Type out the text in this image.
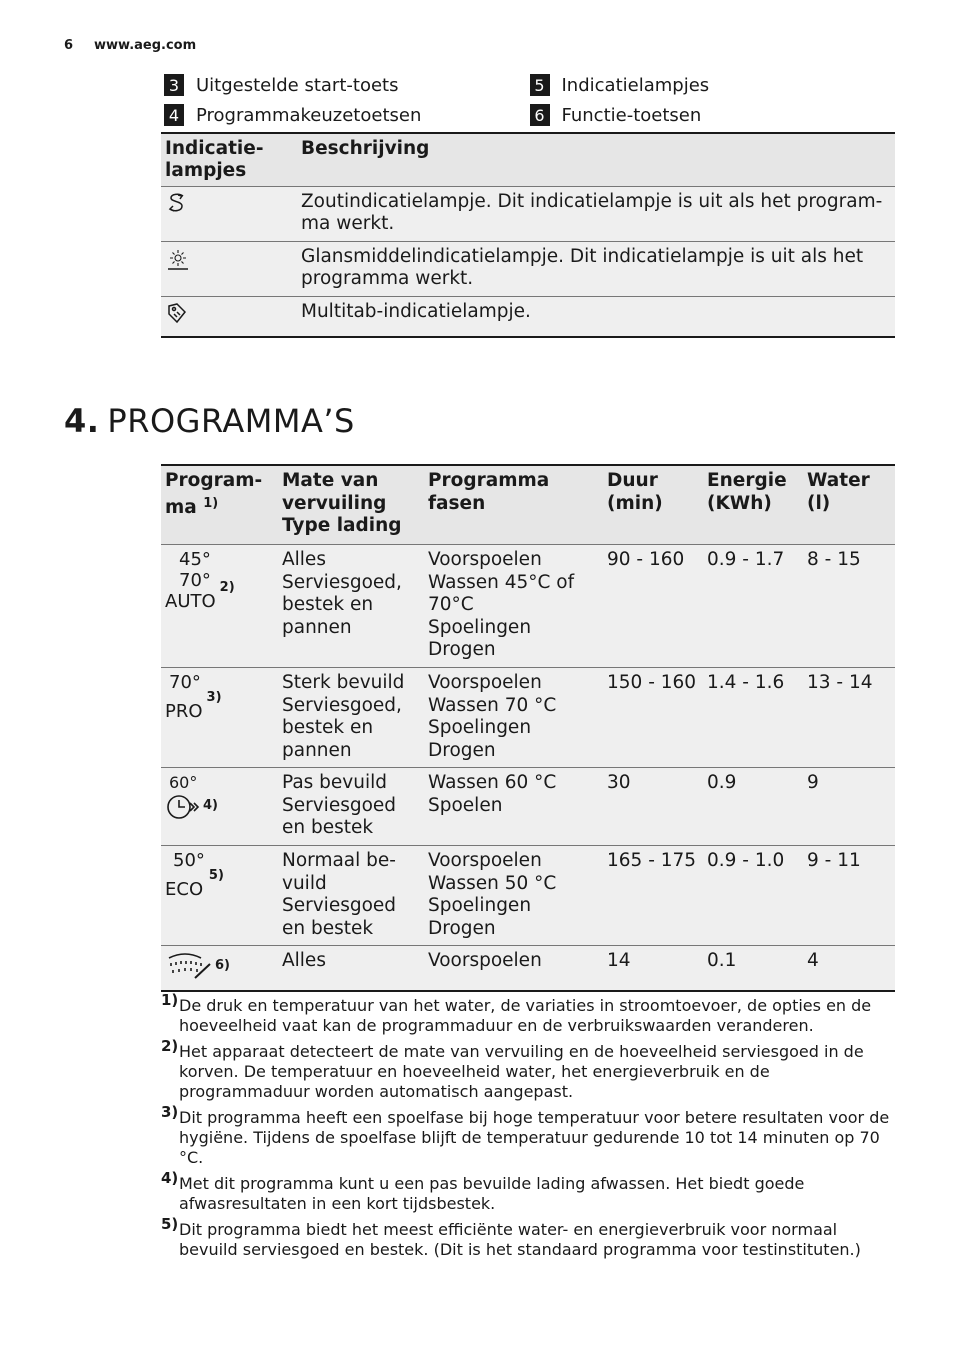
6 www.aeg.com
3 Uitgestelde start-toets	5 Indicatielampjes
4 Programmakeuzetoetsen	6 Functie-toetsen
Indicatie-
lampjes	Beschrijving
	Zoutindicatielampje. Dit indicatielampje is uit als het program-
ma werkt.
	Glansmiddelindicatielampje. Dit indicatielampje is uit als het
programma werkt.
	Multitab-indicatielampje.
4. PROGRAMMA’S
Program-
ma $^{1)}$	Mate van
vervuiling
Type lading	Programma
fasen	Duur
(min)	Energie
(KWh)	Water
(l)

45°
70°
AUTO
$_{2)}$	Alles
Serviesgoed,
bestek en
pannen	Voorspoelen
Wassen 45°C of
70°C
Spoelingen
Drogen	90 - 160	0.9 - 1.7	8 - 15

70°
PRO
3)	Sterk bevuild
Serviesgoed,
bestek en
pannen	Voorspoelen
Wassen 70 °C
Spoelingen
Drogen	150 - 160	1.4 - 1.6	13 - 14

60°
$_{4)}$	Pas bevuild
Serviesgoed
en bestek	Wassen 60 °C
Spoelen	30	0.9	9

50°
ECO
5)	Normaal be-
vuild
Serviesgoed
en bestek	Voorspoelen
Wassen 50 °C
Spoelingen
Drogen	165 - 175	0.9 - 1.0	9 - 11

6)	Alles	Voorspoelen	14	0.1	4
1) De druk en temperatuur van het water, de variaties in stroomtoevoer, de opties en de hoeveelheid vaat kan de programmaduur en de verbruikswaarden veranderen.
2) Het apparaat detecteert de mate van vervuiling en de hoeveelheid serviesgoed in de korven. De temperatuur en hoeveelheid water, het energieverbruik en de programmaduur worden automatisch aangepast.
3) Dit programma heeft een spoelfase bij hoge temperatuur voor betere resultaten voor de hygiëne. Tijdens de spoelfase blijft de temperatuur gedurende 10 tot 14 minuten op 70 °C.
4) Met dit programma kunt u een pas bevuilde lading afwassen. Het biedt goede afwasresultaten in een kort tijdsbestek.
5) Dit programma biedt het meest efficiënte water- en energieverbruik voor normaal bevuild serviesgoed en bestek. (Dit is het standaard programma voor testinstituten.)
